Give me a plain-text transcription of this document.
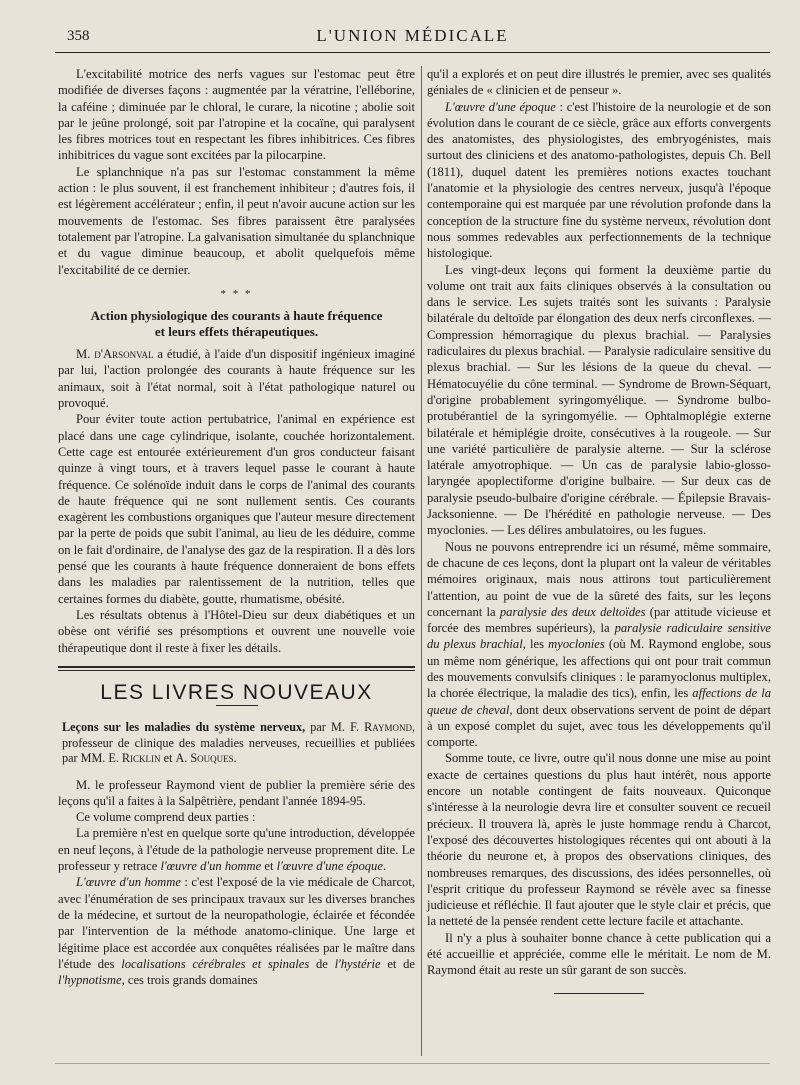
358	L'UNION MÉDICALE

L'excitabilité motrice des nerfs vagues sur l'estomac peut être modifiée de diverses façons : augmentée par la vératrine, l'elléborine, la caféine ; diminuée par le chloral, le curare, la nicotine ; abolie soit par le jeûne prolongé, soit par l'atropine et la cocaïne, qui paralysent les fibres motrices tout en respectant les fibres inhibitrices. Ces fibres inhibitrices du vague sont excitées par la pilocarpine.

Le splanchnique n'a pas sur l'estomac constamment la même action : le plus souvent, il est franchement inhibiteur ; d'autres fois, il est légèrement accélérateur ; enfin, il peut n'avoir aucune action sur les mouvements de l'estomac. Ses fibres paraissent être paralysées totalement par l'atropine. La galvanisation simultanée du splanchnique et du vague diminue beaucoup, et abolit quelquefois même l'excitabilité de ce dernier.

* * *
Action physiologique des courants à haute fréquence
et leurs effets thérapeutiques.

M. d'Arsonval a étudié, à l'aide d'un dispositif ingénieux imaginé par lui, l'action prolongée des courants à haute fréquence sur les animaux, soit à l'état normal, soit à l'état pathologique naturel ou provoqué.

Pour éviter toute action pertubatrice, l'animal en expérience est placé dans une cage cylindrique, isolante, couchée horizontalement. Cette cage est entourée extérieurement d'un gros conducteur faisant quinze à vingt tours, et à travers lequel passe le courant à haute fréquence. Ce solénoïde induit dans le corps de l'animal des courants de haute fréquence qui ne sont nullement sentis. Ces courants exagèrent les combustions organiques que l'auteur mesure directement par la perte de poids que subit l'animal, au lieu de les déduire, comme on le fait d'ordinaire, de l'analyse des gaz de la respiration. Il a dès lors pensé que les courants à haute fréquence donneraient de bons effets dans les maladies par ralentissement de la nutrition, telles que certaines formes du diabète, goutte, rhumatisme, obésité.

Les résultats obtenus à l'Hôtel-Dieu sur deux diabétiques et un obèse ont vérifié ses présomptions et ouvrent une nouvelle voie thérapeutique dont il reste à fixer les détails.

LES LIVRES NOUVEAUX

Leçons sur les maladies du système nerveux, par M. F. Raymond, professeur de clinique des maladies nerveuses, recueillies et publiées par MM. E. Ricklin et A. Souques.

M. le professeur Raymond vient de publier la première série des leçons qu'il a faites à la Salpêtrière, pendant l'année 1894-95.

Ce volume comprend deux parties :

La première n'est en quelque sorte qu'une introduction, développée en neuf leçons, à l'étude de la pathologie nerveuse proprement dite. Le professeur y retrace l'œuvre d'un homme et l'œuvre d'une époque.

L'œuvre d'un homme : c'est l'exposé de la vie médicale de Charcot, avec l'énumération de ses principaux travaux sur les diverses branches de la médecine, et surtout de la neuropathologie, éclairée et fécondée par l'intervention de la méthode anatomo-clinique. Une large et légitime place est accordée aux conquêtes réalisées par le maître dans l'étude des localisations cérébrales et spinales de l'hystérie et de l'hypnotisme, ces trois grands domaines

qu'il a explorés et on peut dire illustrés le premier, avec ses qualités géniales de « clinicien et de penseur ».

L'œuvre d'une époque : c'est l'histoire de la neurologie et de son évolution dans le courant de ce siècle, grâce aux efforts convergents des anatomistes, des physiologistes, des embryogénistes, mais surtout des cliniciens et des anatomo-pathologistes, depuis Ch. Bell (1811), duquel datent les premières notions exactes touchant l'anatomie et la physiologie des centres nerveux, jusqu'à l'époque contemporaine qui est marquée par une révolution profonde dans la conception de la structure fine du système nerveux, révolution dont nous sommes redevables aux perfectionnements de la technique histologique.

Les vingt-deux leçons qui forment la deuxième partie du volume ont trait aux faits cliniques observés à la consultation ou dans le service. Les sujets traités sont les suivants : Paralysie bilatérale du deltoïde par élongation des deux nerfs circonflexes. — Compression hémorragique du plexus brachial. — Paralysies radiculaires du plexus brachial. — Paralysie radiculaire sensitive du plexus brachial. — Sur les lésions de la queue du cheval. — Hématocuyélie du cône terminal. — Syndrome de Brown-Séquart, d'origine probablement syringomyélique. — Syndrome bulbo-protubérantiel de la syringomyélie. — Ophtalmoplégie externe bilatérale et hémiplégie droite, consécutives à la rougeole. — Sur une variété particulière de paralysie alterne. — Sur la sclérose latérale amyotrophique. — Un cas de paralysie labio-glosso-laryngée apoplectiforme d'origine bulbaire. — Sur deux cas de paralysie pseudo-bulbaire d'origine cérébrale. — Épilepsie Bravais-Jacksonienne. — De l'hérédité en pathologie nerveuse. — Des myoclonies. — Les délires ambulatoires, ou les fugues.

Nous ne pouvons entreprendre ici un résumé, même sommaire, de chacune de ces leçons, dont la plupart ont la valeur de véritables mémoires originaux, mais nous attirons tout particulièrement l'attention, au point de vue de la sûreté des faits, sur les leçons concernant la paralysie des deux deltoïdes (par attitude vicieuse et forcée des membres supérieurs), la paralysie radiculaire sensitive du plexus brachial, les myoclonies (où M. Raymond englobe, sous un même nom générique, les affections qui ont pour trait commun des mouvements convulsifs cliniques : le paramyoclonus multiplex, la chorée électrique, la maladie des tics), enfin, les affections de la queue de cheval, dont deux observations servent de point de départ à un exposé complet du sujet, avec tous les développements qu'il comporte.

Somme toute, ce livre, outre qu'il nous donne une mise au point exacte de certaines questions du plus haut intérêt, nous apporte encore un notable contingent de faits nouveaux. Quiconque s'intéresse à la neurologie devra lire et consulter souvent ce recueil précieux. Il trouvera là, après le juste hommage rendu à Charcot, l'exposé des découvertes histologiques récentes qui ont abouti à la théorie du neurone et, à propos des observations cliniques, des nombreuses remarques, des discussions, des idées personnelles, où l'esprit critique du professeur Raymond se révèle avec sa finesse judicieuse et réfléchie. Il faut ajouter que le style clair et précis, que la netteté de la pensée rendent cette lecture facile et attachante.

Il n'y a plus à souhaiter bonne chance à cette publication qui a été accueillie et appréciée, comme elle le méritait. Le nom de M. Raymond était au reste un sûr garant de son succès.
